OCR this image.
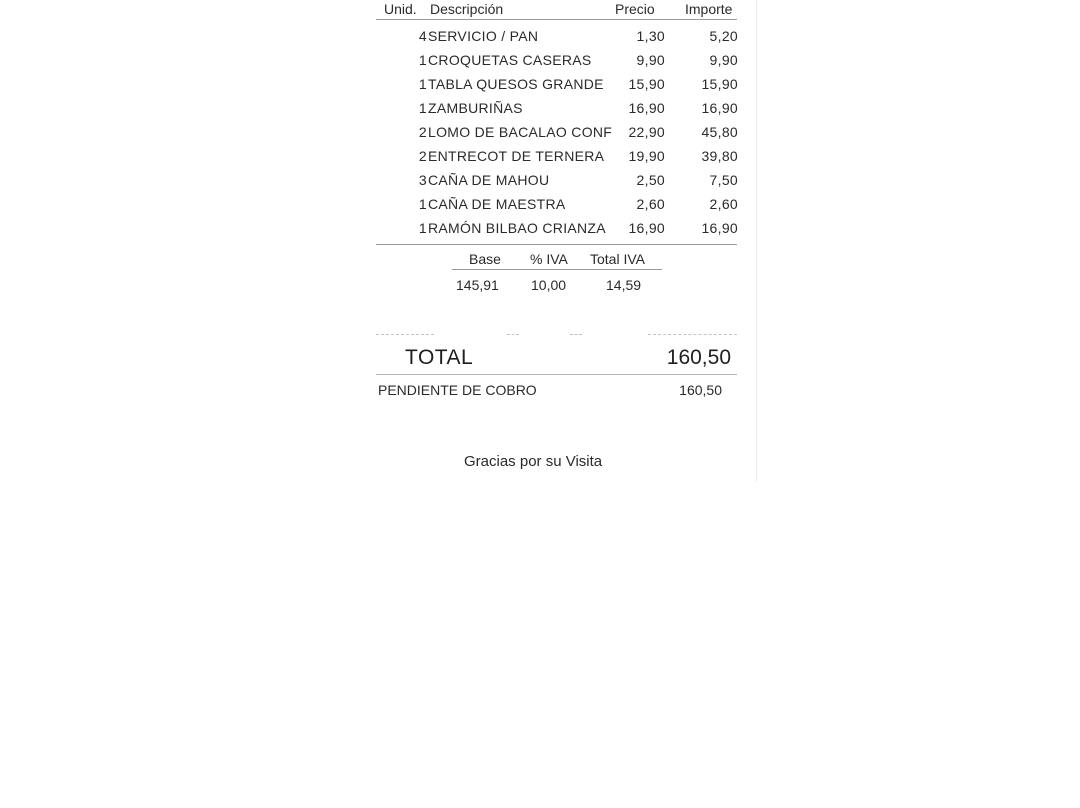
Unid. Descripción	Precio Importe
4 SERVICIO / PAN	1,30	5,20
1 CROQUETAS CASERAS	9,90	9,90
1 TABLA QUESOS GRANDE	15,90	15,90
1 ZAMBURIÑAS	16,90	16,90
2 LOMO DE BACALAO CONF	22,90	45,80
2 ENTRECOT DE TERNERA	19,90	39,80
3 CAÑA DE MAHOU	2,50	7,50
1 CAÑA DE MAESTRA	2,60	2,60
1 RAMÓN BILBAO CRIANZA	16,90	16,90
Base % IVA Total IVA
145,91 10,00	14,59
TOTAL	160,50
PENDIENTE DE COBRO	160,50
Gracias por su Visita
